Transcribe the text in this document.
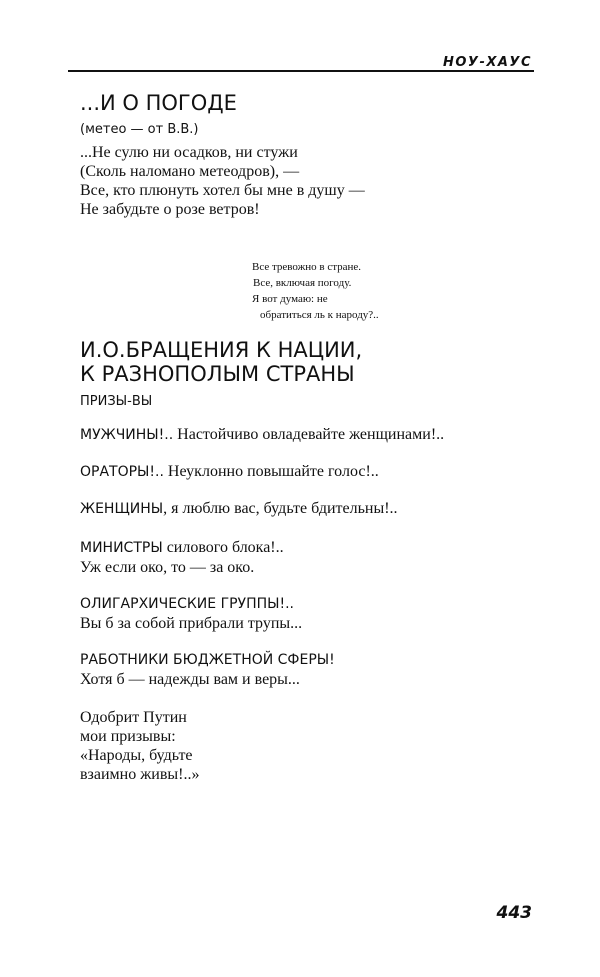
НОУ-ХАУС
...И О ПОГОДЕ
(метео — от В.В.)
...Не сулю ни осадков, ни стужи
(Сколь наломано метеодров), —
Все, кто плюнуть хотел бы мне в душу —
Не забудьте о розе ветров!
Все тревожно в стране.
Все, включая погоду.
Я вот думаю: не
обратиться ль к народу?..
И.О.БРАЩЕНИЯ К НАЦИИ,
К РАЗНОПОЛЫМ СТРАНЫ
ПРИЗЫ-ВЫ
МУЖЧИНЫ!.. Настойчиво овладевайте женщинами!..
ОРАТОРЫ!.. Неуклонно повышайте голос!..
ЖЕНЩИНЫ, я люблю вас, будьте бдительны!..
МИНИСТРЫ силового блока!..
Уж если око, то — за око.
ОЛИГАРХИЧЕСКИЕ ГРУППЫ!..
Вы б за собой прибрали трупы...
РАБОТНИКИ БЮДЖЕТНОЙ СФЕРЫ!
Хотя б — надежды вам и веры...
Одобрит Путин
мои призывы:
«Народы, будьте
взаимно живы!..»
443
